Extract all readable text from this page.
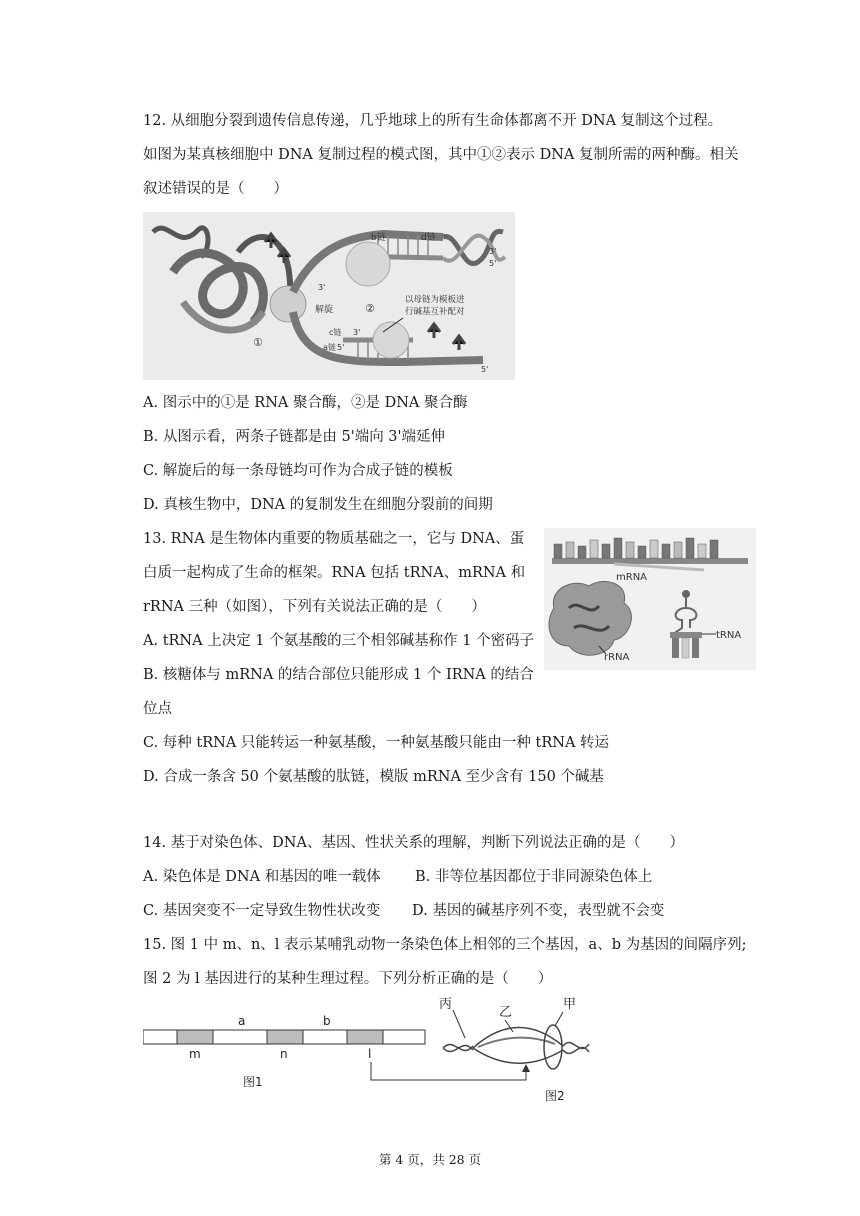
12. 从细胞分裂到遗传信息传递，几乎地球上的所有生命体都离不开 DNA 复制这个过程。
如图为某真核细胞中 DNA 复制过程的模式图，其中①②表示 DNA 复制所需的两种酶。相关
叙述错误的是（　　）
b链	d链
3'
5'
解旋
①
②
3'
以母链为模板进
行碱基互补配对
c链 3'
a链 5'
5'
A. 图示中的①是 RNA 聚合酶，②是 DNA 聚合酶
B. 从图示看，两条子链都是由 5'端向 3'端延伸
C. 解旋后的每一条母链均可作为合成子链的模板
D. 真核生物中，DNA 的复制发生在细胞分裂前的间期
13. RNA 是生物体内重要的物质基础之一，它与 DNA、蛋
白质一起构成了生命的框架。RNA 包括 tRNA、mRNA 和
rRNA 三种（如图），下列有关说法正确的是（　　）
mRNA
rRNA
tRNA
A. tRNA 上决定 1 个氨基酸的三个相邻碱基称作 1 个密码子
B. 核糖体与 mRNA 的结合部位只能形成 1 个 IRNA 的结合
位点
C. 每种 tRNA 只能转运一种氨基酸，一种氨基酸只能由一种 tRNA 转运
D. 合成一条含 50 个氨基酸的肽链，模版 mRNA 至少含有 150 个碱基
14. 基于对染色体、DNA、基因、性状关系的理解，判断下列说法正确的是（　　）
A. 染色体是 DNA 和基因的唯一载体 B. 非等位基因都位于非同源染色体上
C. 基因突变不一定导致生物性状改变 D. 基因的碱基序列不变，表型就不会变
15. 图 1 中 m、n、l 表示某哺乳动物一条染色体上相邻的三个基因，a、b 为基因的间隔序列;
图 2 为 l 基因进行的某种生理过程。下列分析正确的是（　　）
a	b
m	n	l
图1
丙
乙
甲
图2
第 4 页，共 28 页
